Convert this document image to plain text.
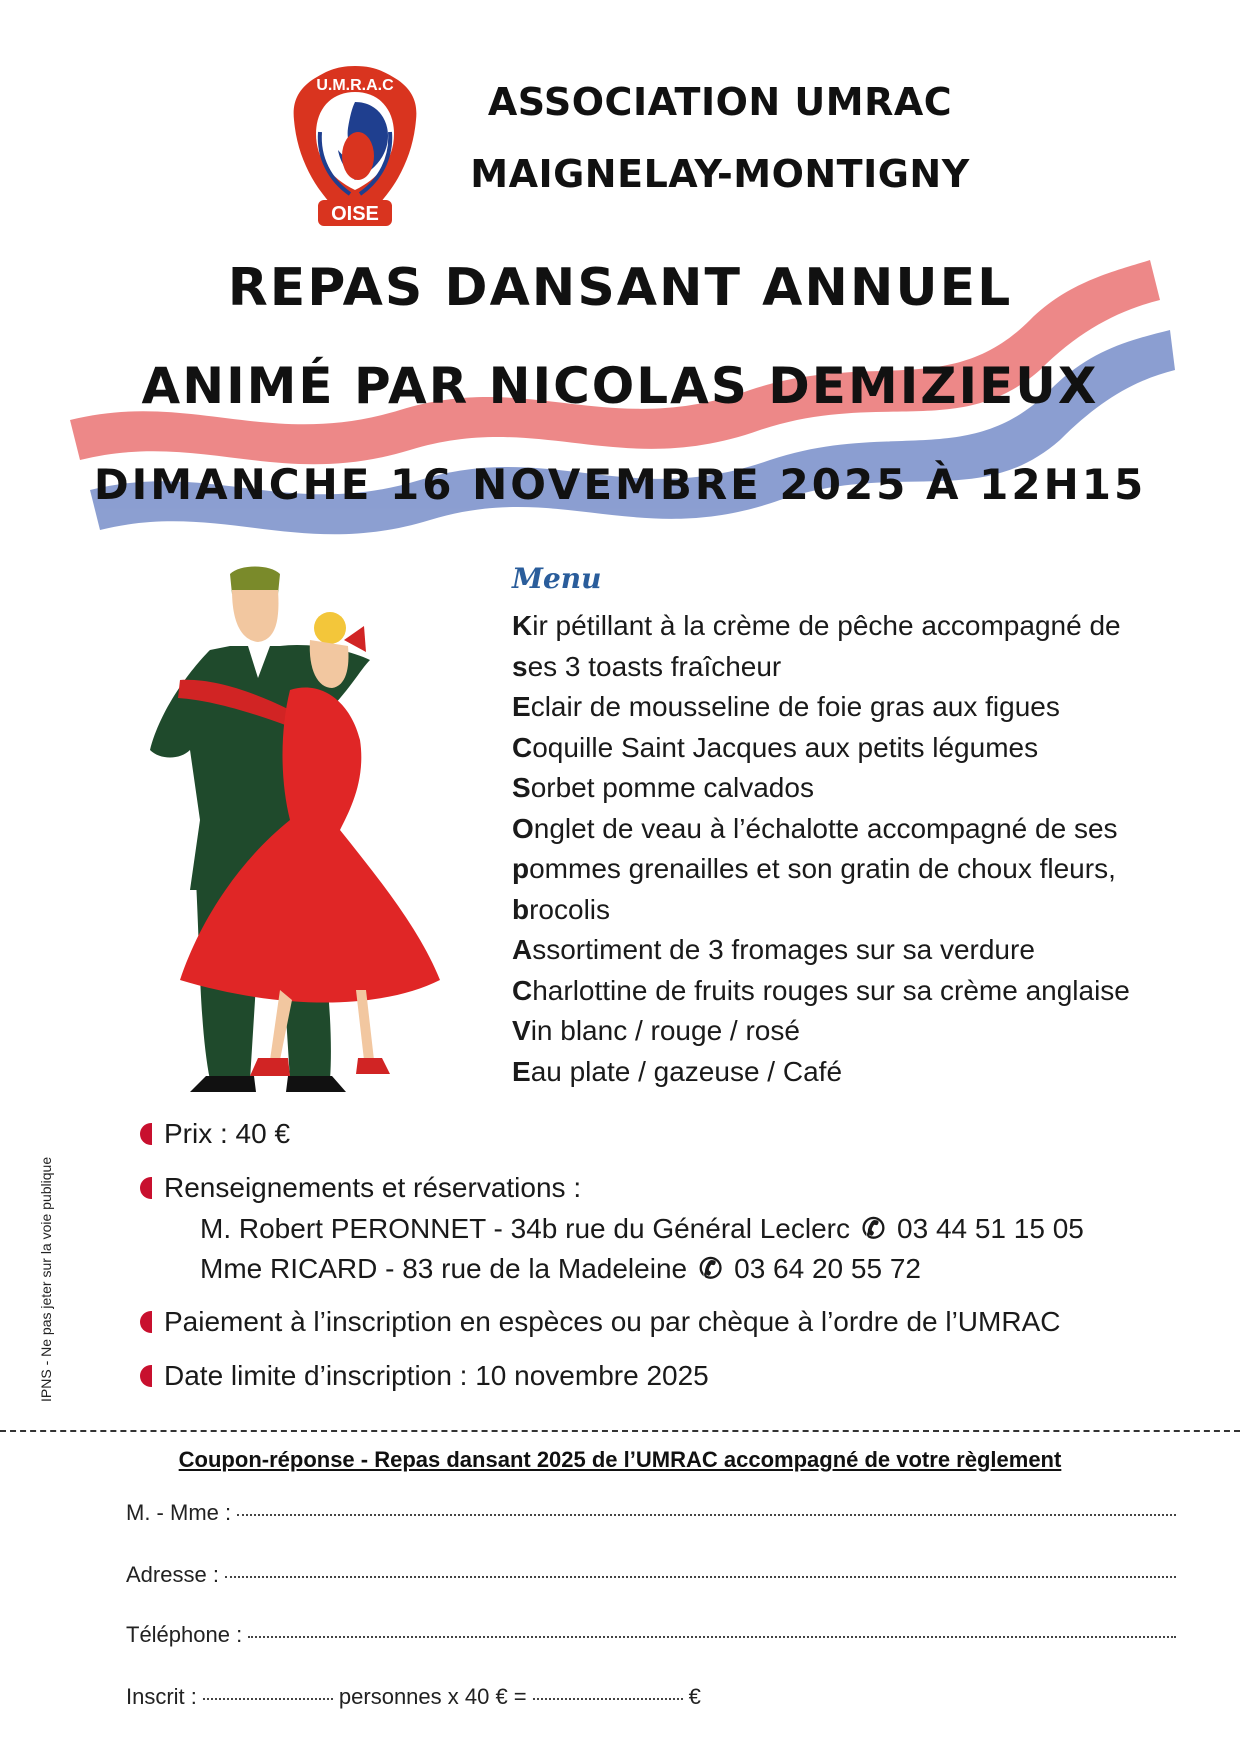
U.M.R.A.C
OISE
ASSOCIATION UMRAC
MAIGNELAY-MONTIGNY
REPAS DANSANT ANNUEL
ANIMÉ PAR NICOLAS DEMIZIEUX
DIMANCHE 16 NOVEMBRE 2025 À 12H15
Menu
Kir pétillant à la crème de pêche accompagné de
ses 3 toasts fraîcheur
Eclair de mousseline de foie gras aux figues
Coquille Saint Jacques aux petits légumes
Sorbet pomme calvados
Onglet de veau à l’échalotte accompagné de ses
pommes grenailles et son gratin de choux fleurs,
brocolis
Assortiment de 3 fromages sur sa verdure
Charlottine de fruits rouges sur sa crème anglaise
Vin blanc / rouge / rosé
Eau plate / gazeuse / Café
Prix : 40 €
Renseignements et réservations :
M. Robert PERONNET - 34b rue du Général Leclerc ✆ 03 44 51 15 05
Mme RICARD - 83 rue de la Madeleine ✆ 03 64 20 55 72
Paiement à l’inscription en espèces ou par chèque à l’ordre de l’UMRAC
Date limite d’inscription : 10 novembre 2025
IPNS - Ne pas jeter sur la voie publique
Coupon-réponse - Repas dansant 2025 de l’UMRAC accompagné de votre règlement
M. - Mme :
Adresse :
Téléphone :
Inscrit :	personnes x 40 € =	€
